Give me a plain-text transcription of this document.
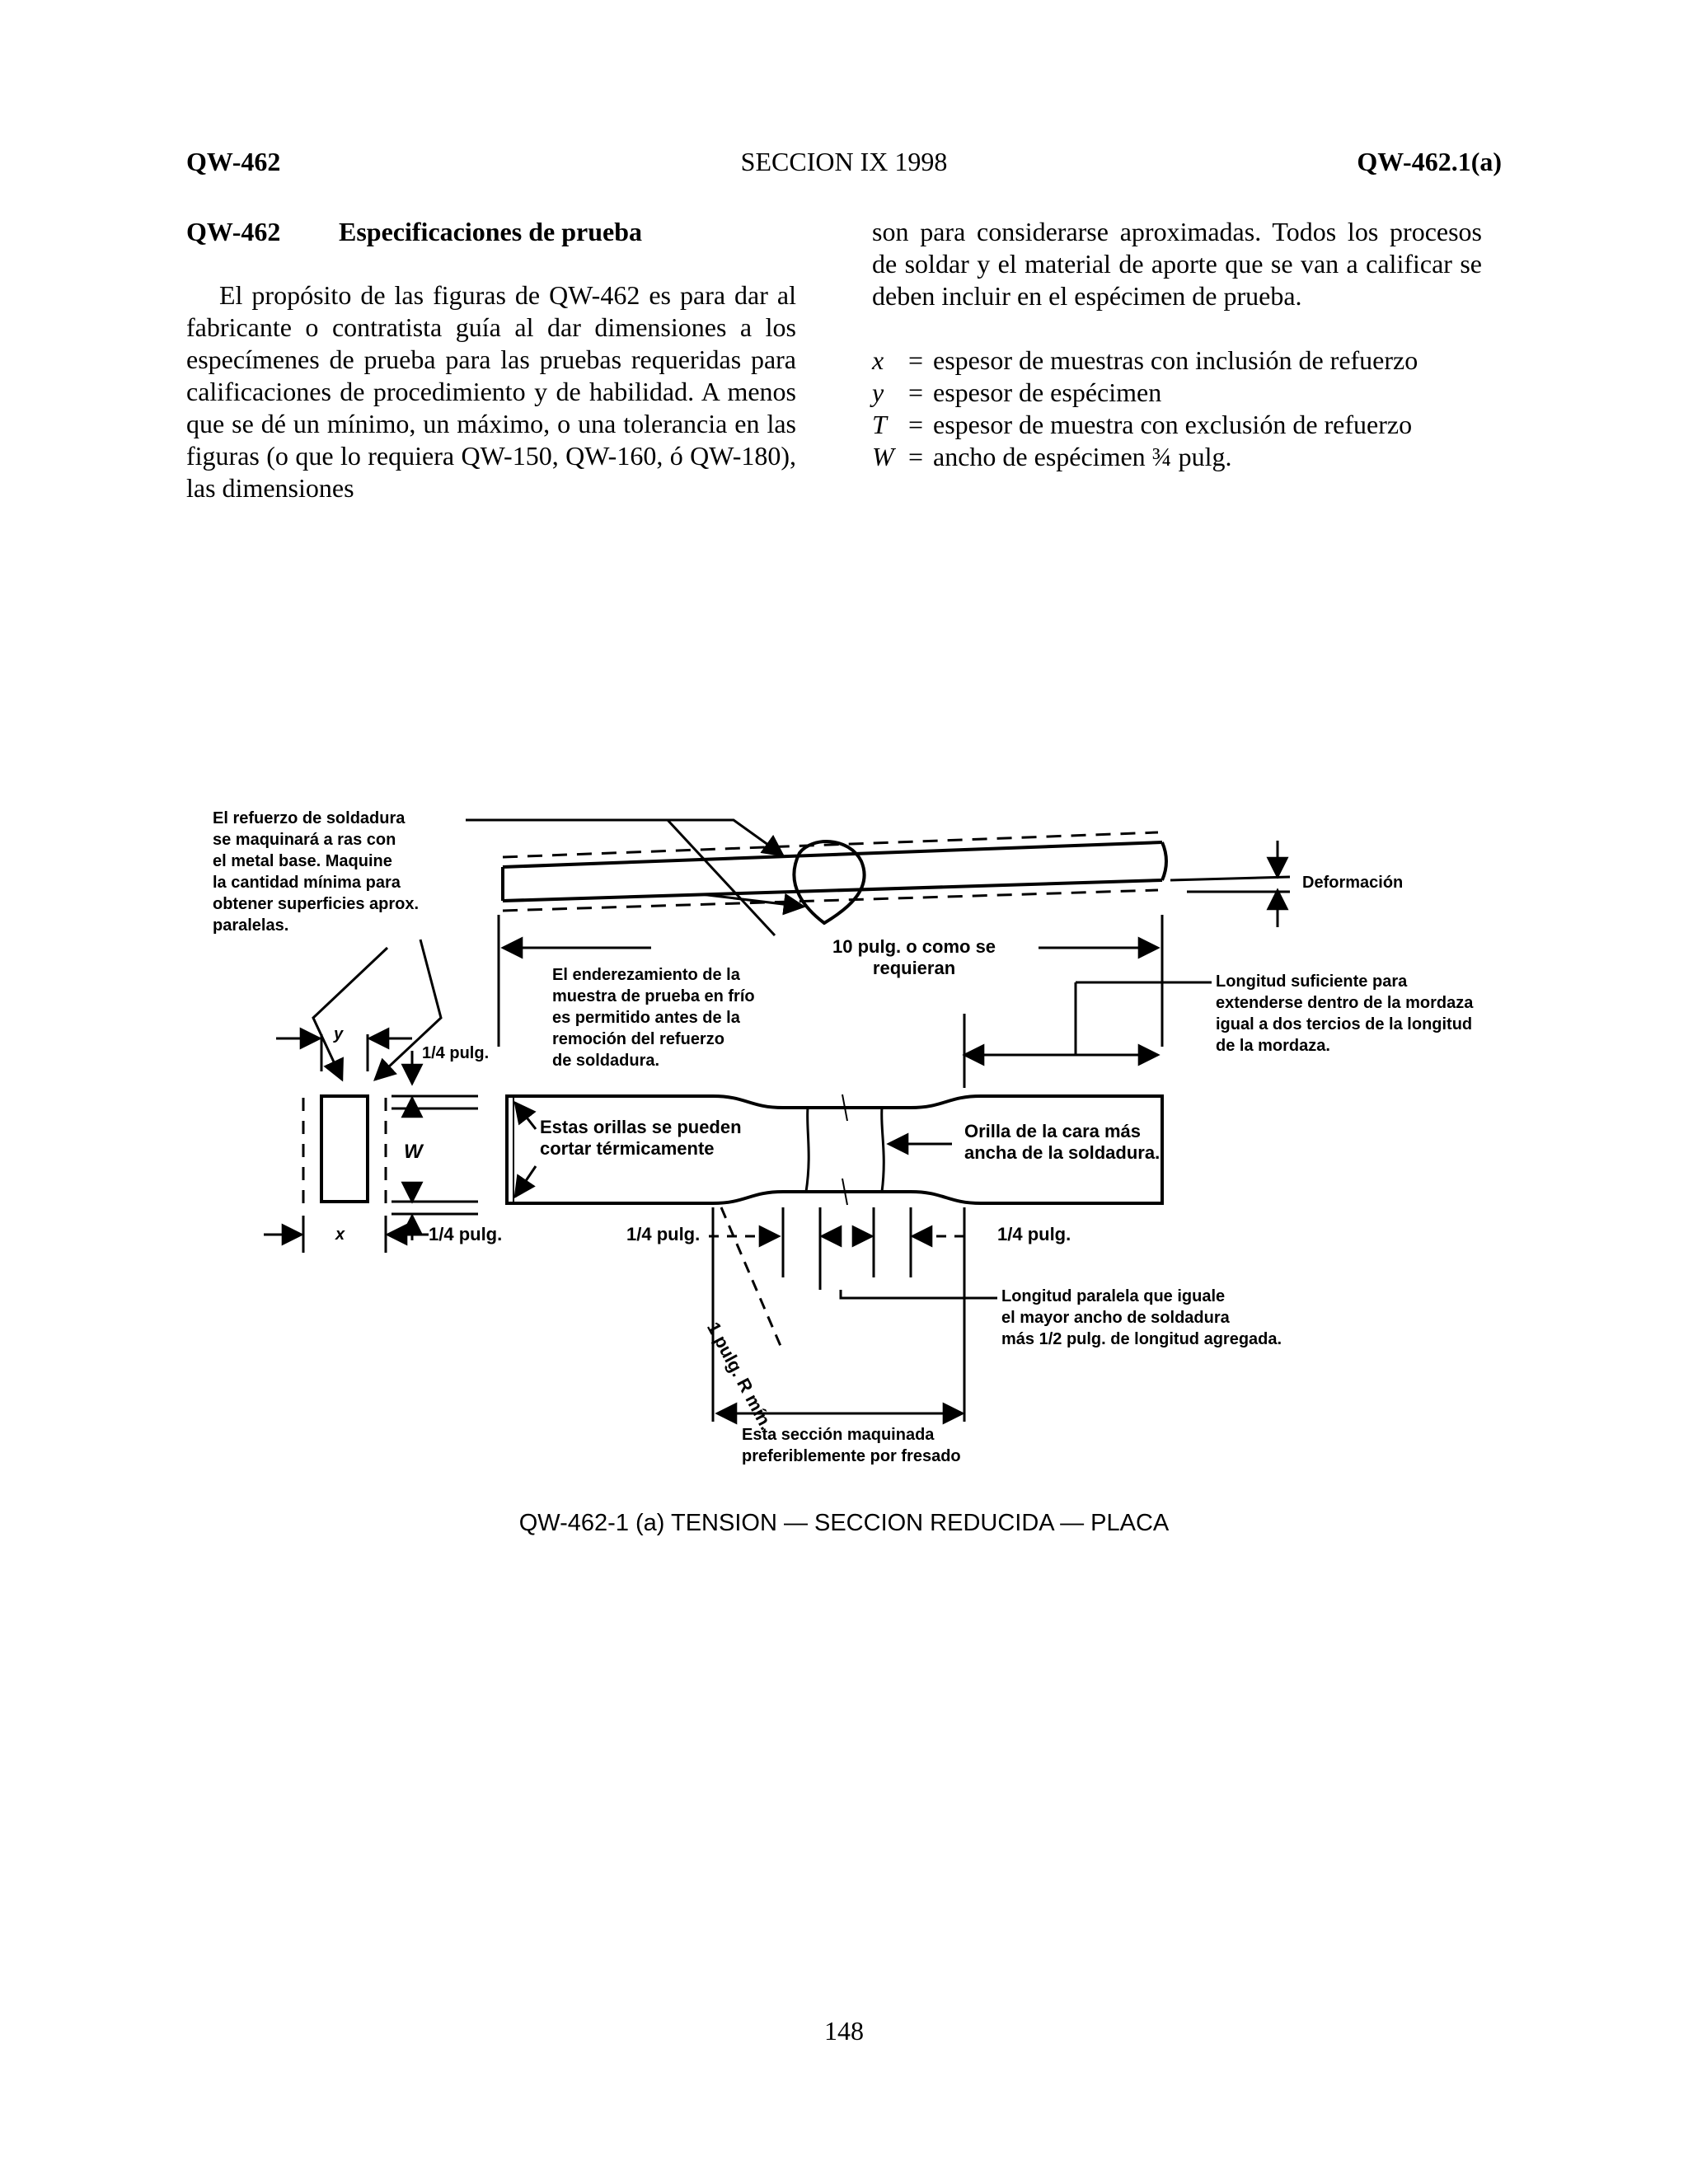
QW-462	SECCION IX 1998	QW-462.1(a)
QW-462 Especificaciones de prueba

El propósito de las figuras de QW-462 es para dar al fabricante o contratista guía al dar dimensiones a los especímenes de prueba para las pruebas requeridas para calificaciones de procedimiento y de habilidad. A menos que se dé un mínimo, un máximo, o una tolerancia en las figuras (o que lo requiera QW-150, QW-160, ó QW-180), las dimensiones

son para considerarse aproximadas. Todos los procesos de soldar y el material de aporte que se van a calificar se deben incluir en el espécimen de prueba.

x = espesor de muestras con inclusión de refuerzo
y = espesor de espécimen
T = espesor de muestra con exclusión de refuerzo
W = ancho de espécimen ¾ pulg.
El refuerzo de soldadura
se maquinará a ras con
el metal base. Maquine
la cantidad mínima para
obtener superficies aprox.
paralelas.
Deformación
10 pulg. o como se
requieran
El enderezamiento de la
muestra de prueba en frío
es permitido antes de la
remoción del refuerzo
de soldadura.
Longitud suficiente para
extenderse dentro de la mordaza
igual a dos tercios de la longitud
de la mordaza.
1/4 pulg.
y
W
x
Estas orillas se pueden
cortar térmicamente
Orilla de la cara más
ancha de la soldadura.
1/4 pulg.	1/4 pulg.	1/4 pulg.
1 pulg. R mín.
Longitud paralela que iguale
el mayor ancho de soldadura
más 1/2 pulg. de longitud agregada.
Esta sección maquinada
preferiblemente por fresado
QW-462-1 (a) TENSION — SECCION REDUCIDA — PLACA
148
